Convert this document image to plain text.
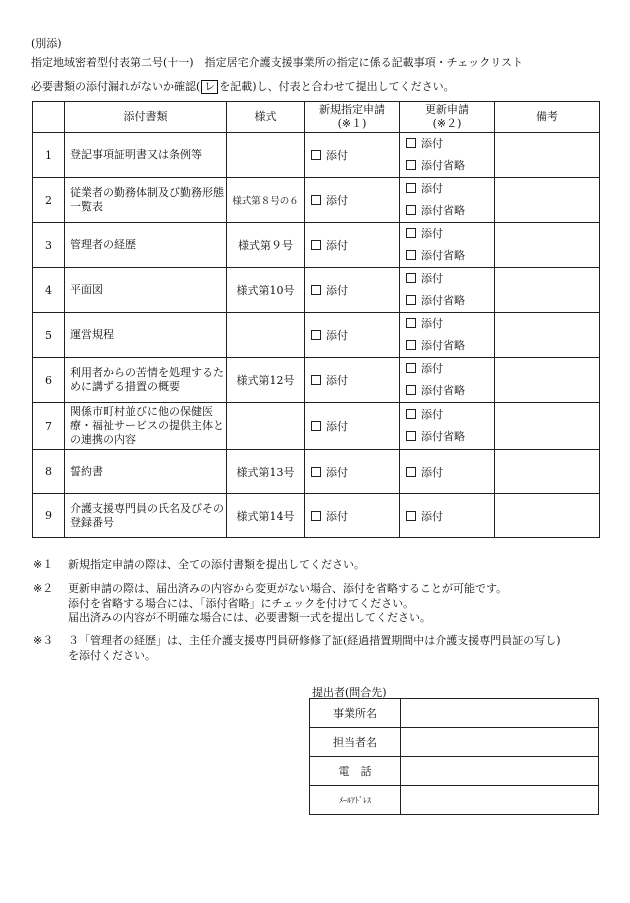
(別添)
指定地域密着型付表第二号(十一)　指定居宅介護支援事業所の指定に係る記載事項・チェックリスト
必要書類の添付漏れがないか確認( レ を記載)し、付表と合わせて提出してください。
	添付書類	様式	新規指定申請
(※１)	更新申請
(※２)	備考
1	登記事項証明書又は条例等		添付	添付
添付省略	

2	従業者の勤務体制及び勤務形態一覧表	様式第８号の６	添付	添付
添付省略	

3	管理者の経歴	様式第９号	添付	添付
添付省略	

4	平面図	様式第10号	添付	添付
添付省略	

5	運営規程		添付	添付
添付省略	

6	利用者からの苦情を処理するために講ずる措置の概要	様式第12号	添付	添付
添付省略	

7	関係市町村並びに他の保健医療・福祉サービスの提供主体との連携の内容		添付	添付
添付省略	

8	誓約書	様式第13号	添付	添付	
9	介護支援専門員の氏名及びその登録番号	様式第14号	添付	添付	
※１ 新規指定申請の際は、全ての添付書類を提出してください。
※２ 更新申請の際は、届出済みの内容から変更がない場合、添付を省略することが可能です。
添付を省略する場合には、「添付省略」にチェックを付けてください。
届出済みの内容が不明確な場合には、必要書類一式を提出してください。
※３ ３「管理者の経歴」は、主任介護支援専門員研修修了証(経過措置期間中は介護支援専門員証の写し)
を添付ください。
提出者(問合先)
事業所名	
担当者名	
電　話	
ﾒｰﾙｱﾄﾞﾚｽ	
